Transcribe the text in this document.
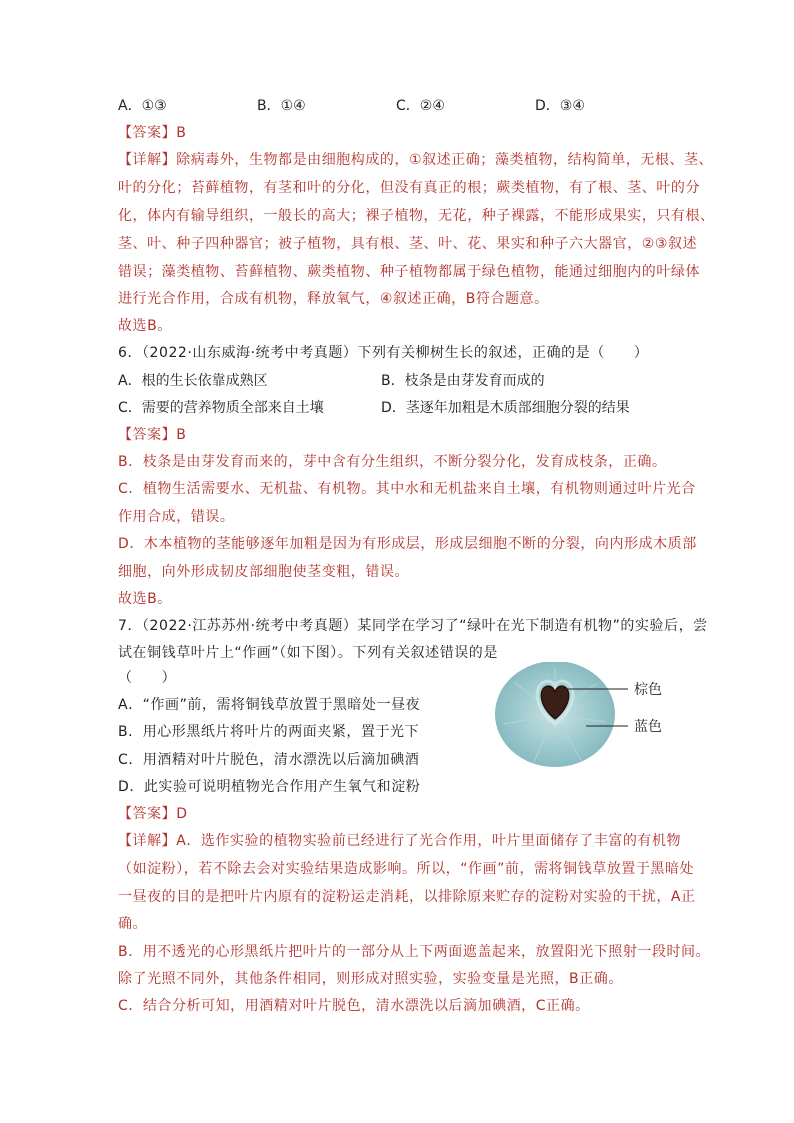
A．①③	B．①④	C．②④	D．③④
【答案】B
【详解】除病毒外，生物都是由细胞构成的，①叙述正确；藻类植物，结构简单，无根、茎、
叶的分化；苔藓植物，有茎和叶的分化，但没有真正的根；蕨类植物，有了根、茎、叶的分
化，体内有输导组织，一般长的高大；裸子植物，无花，种子裸露，不能形成果实，只有根、
茎、叶、种子四种器官；被子植物，具有根、茎、叶、花、果实和种子六大器官，②③叙述
错误；藻类植物、苔藓植物、蕨类植物、种子植物都属于绿色植物，能通过细胞内的叶绿体
进行光合作用，合成有机物，释放氧气，④叙述正确，B符合题意。
故选B。
6．（2022·山东威海·统考中考真题）下列有关柳树生长的叙述，正确的是（　　）
A．根的生长依靠成熟区	B．枝条是由芽发育而成的
C．需要的营养物质全部来自土壤	D．茎逐年加粗是木质部细胞分裂的结果
【答案】B
B．枝条是由芽发育而来的，芽中含有分生组织，不断分裂分化，发育成枝条，正确。
C．植物生活需要水、无机盐、有机物。其中水和无机盐来自土壤，有机物则通过叶片光合
作用合成，错误。
D．木本植物的茎能够逐年加粗是因为有形成层，形成层细胞不断的分裂，向内形成木质部
细胞，向外形成韧皮部细胞使茎变粗，错误。
故选B。
7．（2022·江苏苏州·统考中考真题）某同学在学习了“绿叶在光下制造有机物”的实验后，尝
试在铜钱草叶片上“作画”（如下图）。下列有关叙述错误的是
（　　）
A．“作画”前，需将铜钱草放置于黑暗处一昼夜
B．用心形黑纸片将叶片的两面夹紧，置于光下
C．用酒精对叶片脱色，清水漂洗以后滴加碘酒
D．此实验可说明植物光合作用产生氧气和淀粉
棕色
蓝色
【答案】D
【详解】A．选作实验的植物实验前已经进行了光合作用，叶片里面储存了丰富的有机物
（如淀粉），若不除去会对实验结果造成影响。所以，“作画”前，需将铜钱草放置于黑暗处
一昼夜的目的是把叶片内原有的淀粉运走消耗，以排除原来贮存的淀粉对实验的干扰，A正
确。
B．用不透光的心形黑纸片把叶片的一部分从上下两面遮盖起来，放置阳光下照射一段时间。
除了光照不同外，其他条件相同，则形成对照实验，实验变量是光照，B正确。
C．结合分析可知，用酒精对叶片脱色，清水漂洗以后滴加碘酒，C正确。
